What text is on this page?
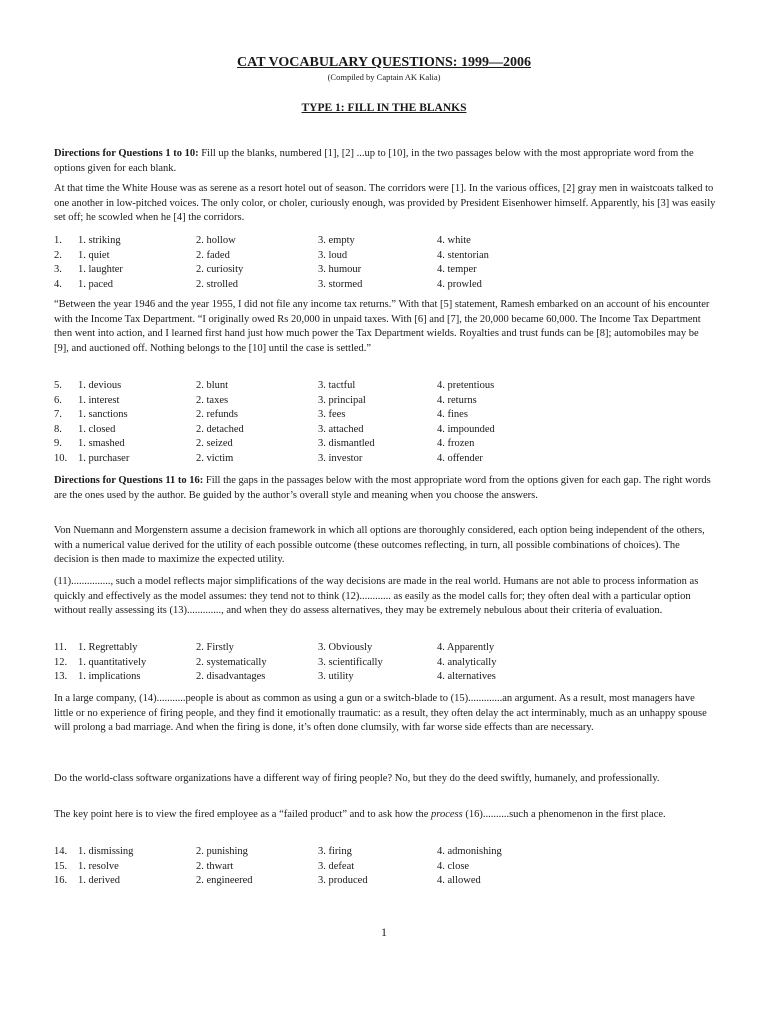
CAT VOCABULARY QUESTIONS: 1999—2006
(Compiled by Captain AK Kalia)
TYPE 1: FILL IN THE BLANKS
Directions for Questions 1 to 10: Fill up the blanks, numbered [1], [2] ...up to [10], in the two passages below with the most appropriate word from the options given for each blank.
At that time the White House was as serene as a resort hotel out of season. The corridors were [1]. In the various offices, [2] gray men in waistcoats talked to one another in low-pitched voices. The only color, or choler, curiously enough, was provided by President Eisenhower himself. Apparently, his [3] was easily set off; he scowled when he [4] the corridors.
1. 1. striking	2. hollow	3. empty	4. white
2. 1. quiet	2. faded	3. loud	4. stentorian
3. 1. laughter	2. curiosity	3. humour	4. temper
4. 1. paced	2. strolled	3. stormed	4. prowled
“Between the year 1946 and the year 1955, I did not file any income tax returns.” With that [5] statement, Ramesh embarked on an account of his encounter with the Income Tax Department. “I originally owed Rs 20,000 in unpaid taxes. With [6] and [7], the 20,000 became 60,000. The Income Tax Department then went into action, and I learned first hand just how much power the Tax Department wields. Royalties and trust funds can be [8]; automobiles may be [9], and auctioned off. Nothing belongs to the [10] until the case is settled.”
5. 1. devious	2. blunt	3. tactful	4. pretentious
6. 1. interest	2. taxes	3. principal	4. returns
7. 1. sanctions	2. refunds	3. fees	4. fines
8. 1. closed	2. detached	3. attached	4. impounded
9. 1. smashed	2. seized	3. dismantled	4. frozen
10. 1. purchaser	2. victim	3. investor	4. offender
Directions for Questions 11 to 16: Fill the gaps in the passages below with the most appropriate word from the options given for each gap. The right words are the ones used by the author. Be guided by the author’s overall style and meaning when you choose the answers.
Von Nuemann and Morgenstern assume a decision framework in which all options are thoroughly considered, each option being independent of the others, with a numerical value derived for the utility of each possible outcome (these outcomes reflecting, in turn, all possible combinations of choices). The decision is then made to maximize the expected utility.
(11)..............., such a model reflects major simplifications of the way decisions are made in the real world. Humans are not able to process information as quickly and effectively as the model assumes: they tend not to think (12)............ as easily as the model calls for; they often deal with a particular option without really assessing its (13)............., and when they do assess alternatives, they may be extremely nebulous about their criteria of evaluation.
11. 1. Regrettably	2. Firstly	3. Obviously	4. Apparently
12. 1. quantitatively	2. systematically	3. scientifically	4. analytically
13. 1. implications	2. disadvantages	3. utility	4. alternatives
In a large company, (14)...........people is about as common as using a gun or a switch-blade to (15).............an argument. As a result, most managers have little or no experience of firing people, and they find it emotionally traumatic: as a result, they often delay the act interminably, much as an unhappy spouse will prolong a bad marriage. And when the firing is done, it’s often done clumsily, with far worse side effects than are necessary.
Do the world-class software organizations have a different way of firing people? No, but they do the deed swiftly, humanely, and professionally.
The key point here is to view the fired employee as a “failed product” and to ask how the process (16)..........such a phenomenon in the first place.
14. 1. dismissing	2. punishing	3. firing	4. admonishing
15. 1. resolve	2. thwart	3. defeat	4. close
16. 1. derived	2. engineered	3. produced	4. allowed
1
